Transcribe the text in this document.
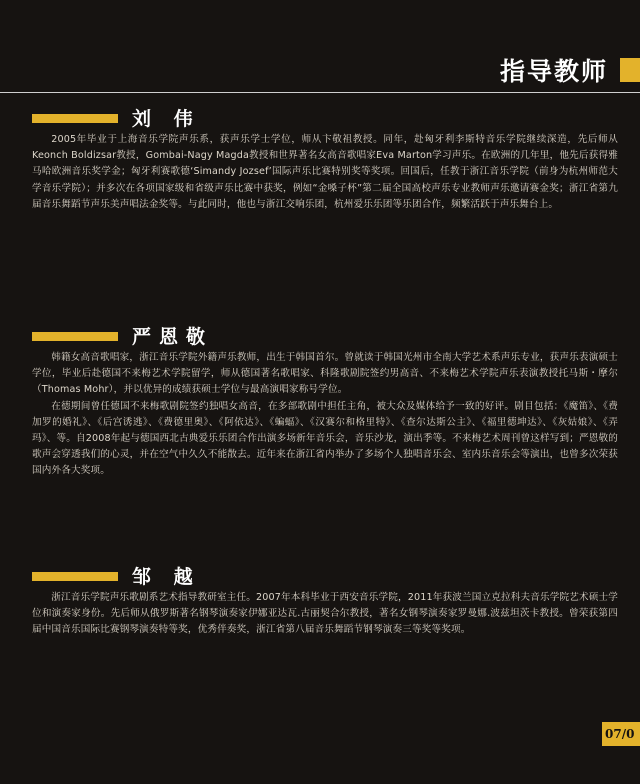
指导教师
刘 伟

2005年毕业于上海音乐学院声乐系，获声乐学士学位，师从卞敬祖教授。同年，赴匈牙利李斯特音乐学院继续深造，先后师从Keonch Boldizsar教授，Gombai-Nagy Magda教授和世界著名女高音歌唱家Eva Marton学习声乐。在欧洲的几年里，他先后获得雅马哈欧洲音乐奖学金；匈牙利赛歌德‘Simandy Jozsef’国际声乐比赛特别奖等奖项。回国后，任教于浙江音乐学院（前身为杭州师范大学音乐学院）；并多次在各项国家级和省级声乐比赛中获奖，例如“金嗓子杯”第二届全国高校声乐专业教师声乐邀请赛金奖；浙江省第九届音乐舞蹈节声乐美声唱法金奖等。与此同时，他也与浙江交响乐团，杭州爱乐乐团等乐团合作，频繁活跃于声乐舞台上。

严恩敬

韩籍女高音歌唱家，浙江音乐学院外籍声乐教师，出生于韩国首尔。曾就读于韩国光州市全南大学艺术系声乐专业，获声乐表演硕士学位，毕业后赴德国不来梅艺术学院留学，师从德国著名歌唱家、科隆歌剧院签约男高音、不来梅艺术学院声乐表演教授托马斯・摩尔（Thomas Mohr），并以优异的成绩获硕士学位与最高演唱家称号学位。

在德期间曾任德国不来梅歌剧院签约独唱女高音，在多部歌剧中担任主角，被大众及媒体给予一致的好评。剧目包括：《魔笛》、《费加罗的婚礼》、《后宫诱逃》、《费德里奥》、《阿依达》、《蝙蝠》、《汉赛尔和格里特》、《查尔达斯公主》、《福里德坤达》、《灰姑娘》、《弄玛》、等。自2008年起与德国西北古典爱乐乐团合作出演多场新年音乐会，音乐沙龙，演出季等。不来梅艺术周刊曾这样写到；严恩敬的歌声会穿透我们的心灵，并在空气中久久不能散去。近年来在浙江省内举办了多场个人独唱音乐会、室内乐音乐会等演出，也曾多次荣获国内外各大奖项。

邹 越

浙江音乐学院声乐歌剧系艺术指导教研室主任。2007年本科毕业于西安音乐学院，2011年获波兰国立克拉科夫音乐学院艺术硕士学位和演奏家身份。先后师从俄罗斯著名钢琴演奏家伊娜亚达瓦.古丽契合尔教授，著名女钢琴演奏家罗曼娜.波兹坦茨卡教授。曾荣获第四届中国音乐国际比赛钢琴演奏特等奖，优秀伴奏奖，浙江省第八届音乐舞蹈节钢琴演奏三等奖等奖项。

07/0
